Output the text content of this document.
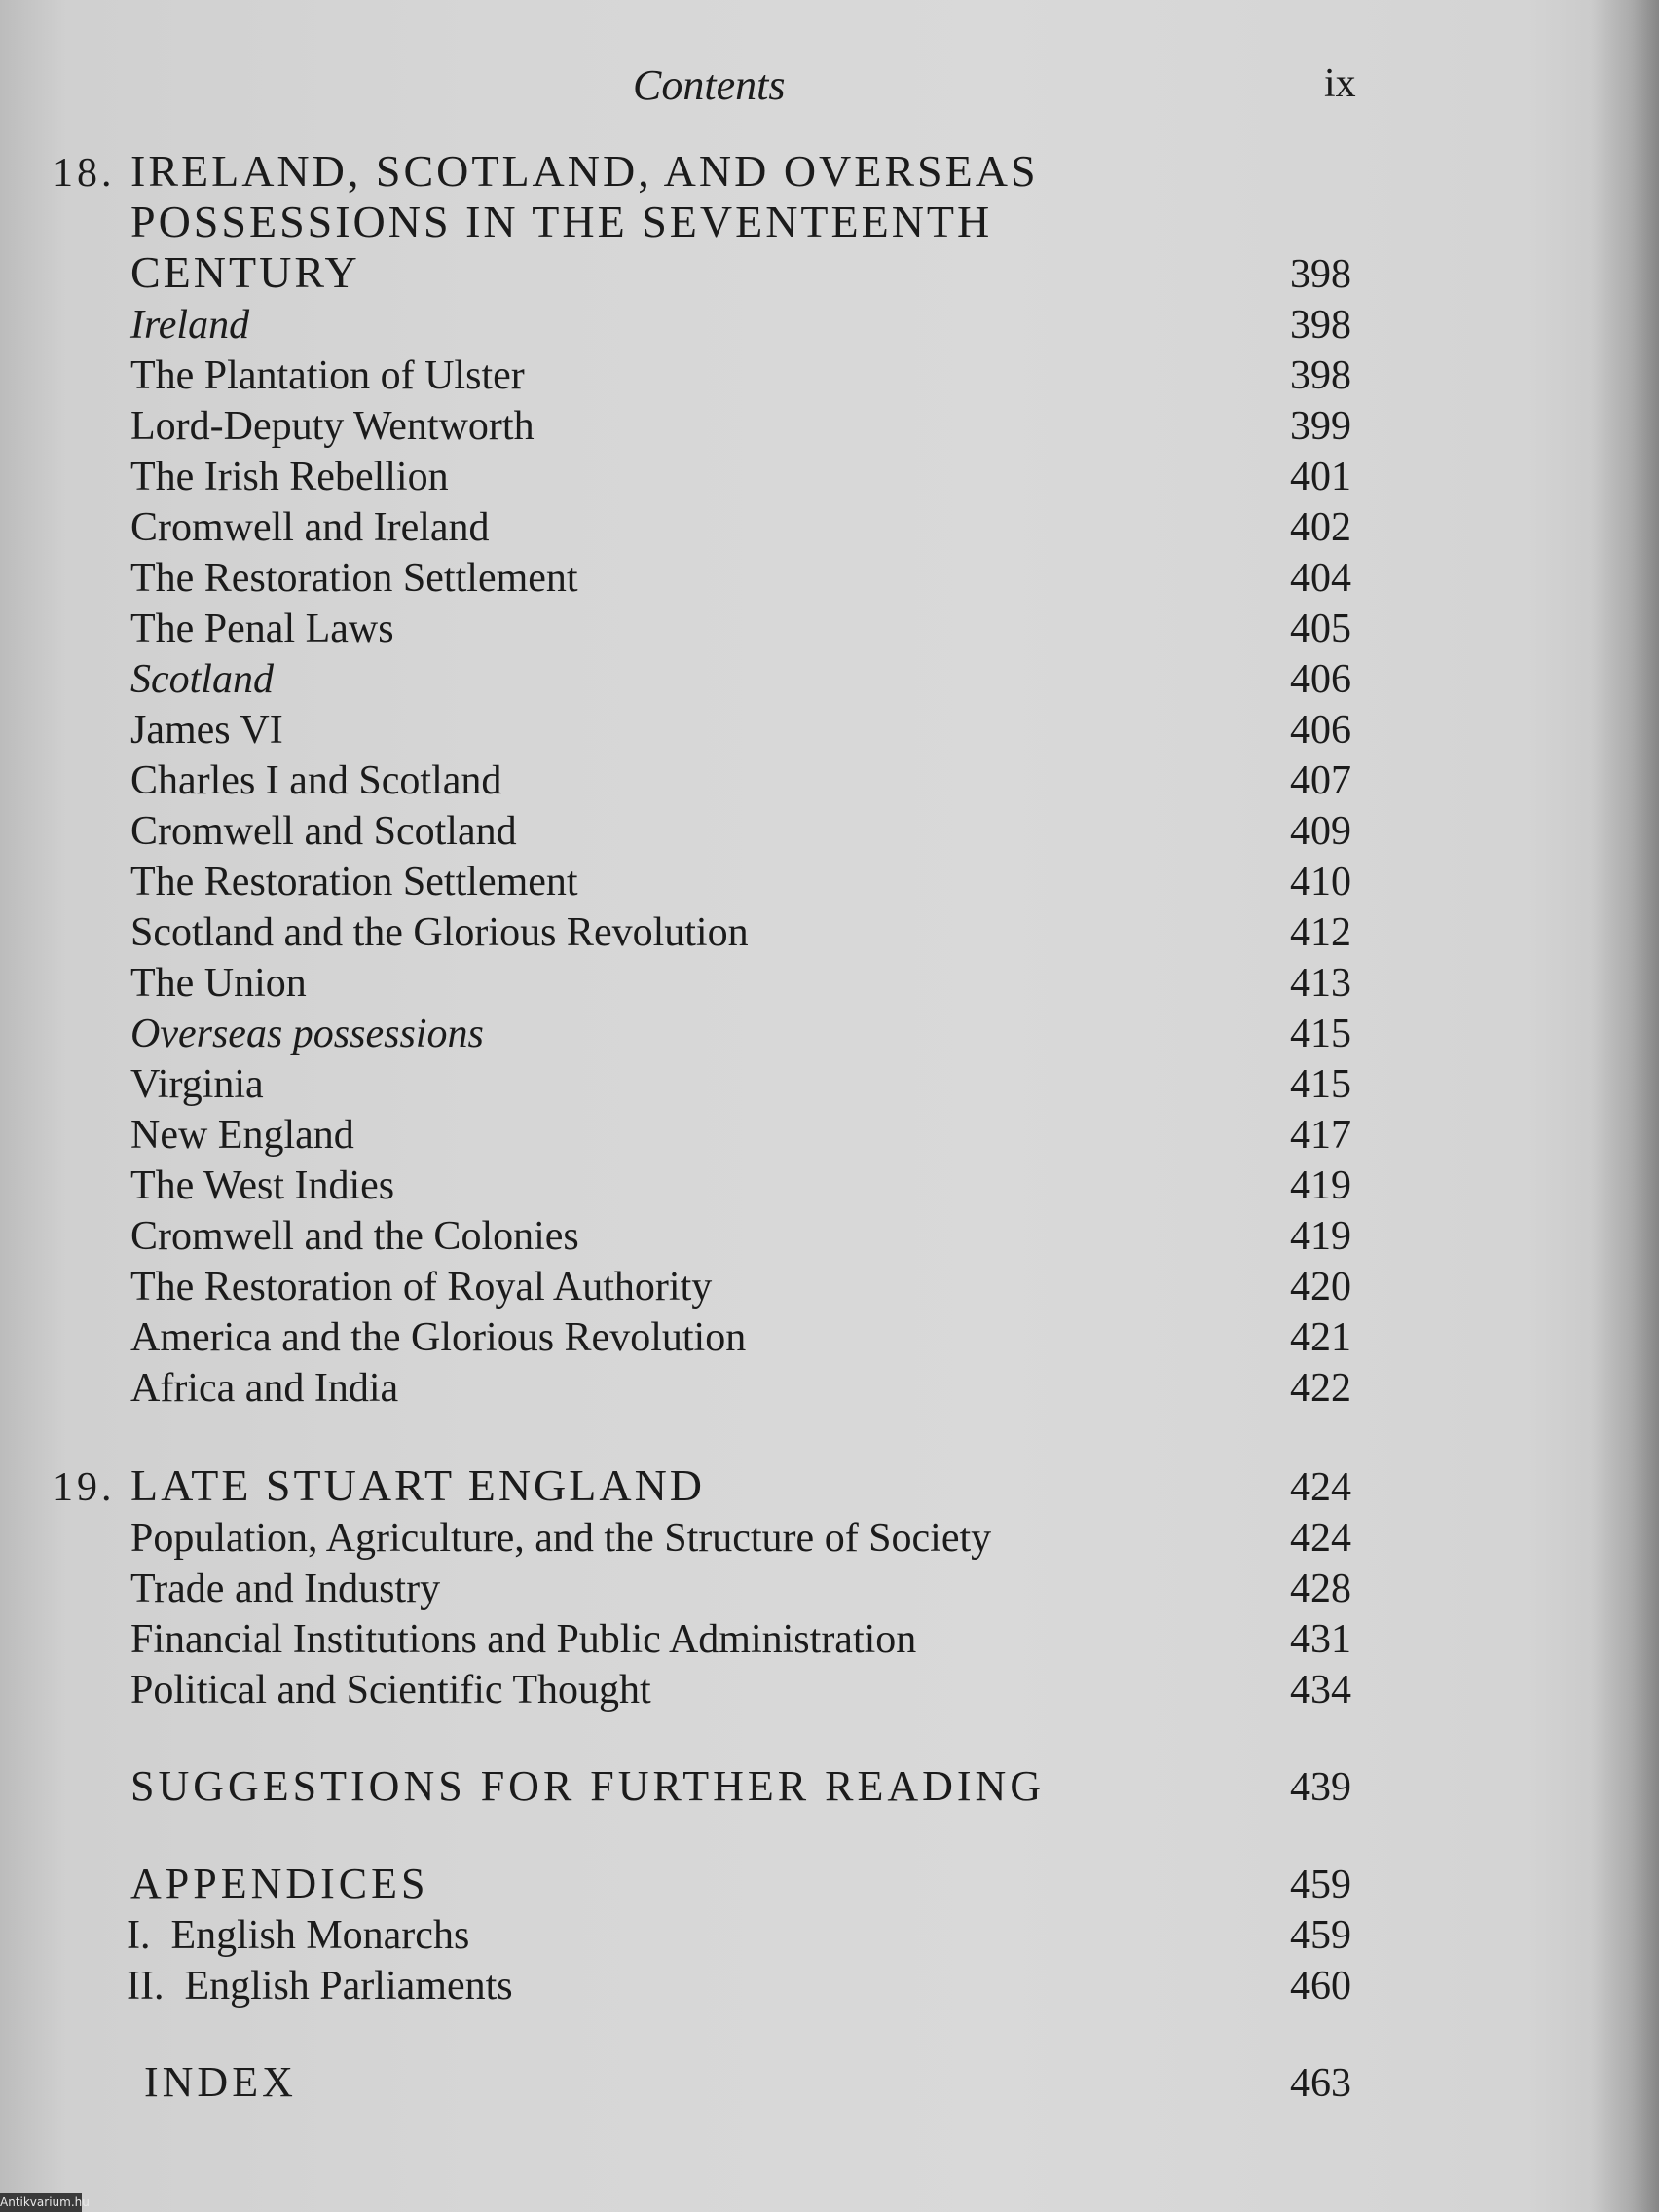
Contents	ix
18. IRELAND, SCOTLAND, AND OVERSEAS
POSSESSIONS IN THE SEVENTEENTH
CENTURY	398
Ireland	398
The Plantation of Ulster	398
Lord-Deputy Wentworth	399
The Irish Rebellion	401
Cromwell and Ireland	402
The Restoration Settlement	404
The Penal Laws	405
Scotland	406
James VI	406
Charles I and Scotland	407
Cromwell and Scotland	409
The Restoration Settlement	410
Scotland and the Glorious Revolution	412
The Union	413
Overseas possessions	415
Virginia	415
New England	417
The West Indies	419
Cromwell and the Colonies	419
The Restoration of Royal Authority	420
America and the Glorious Revolution	421
Africa and India	422
19. LATE STUART ENGLAND	424
Population, Agriculture, and the Structure of Society	424
Trade and Industry	428
Financial Institutions and Public Administration	431
Political and Scientific Thought	434
SUGGESTIONS FOR FURTHER READING	439
APPENDICES	459
I.  English Monarchs	459
II.  English Parliaments	460
INDEX	463
Antikvarium.hu
